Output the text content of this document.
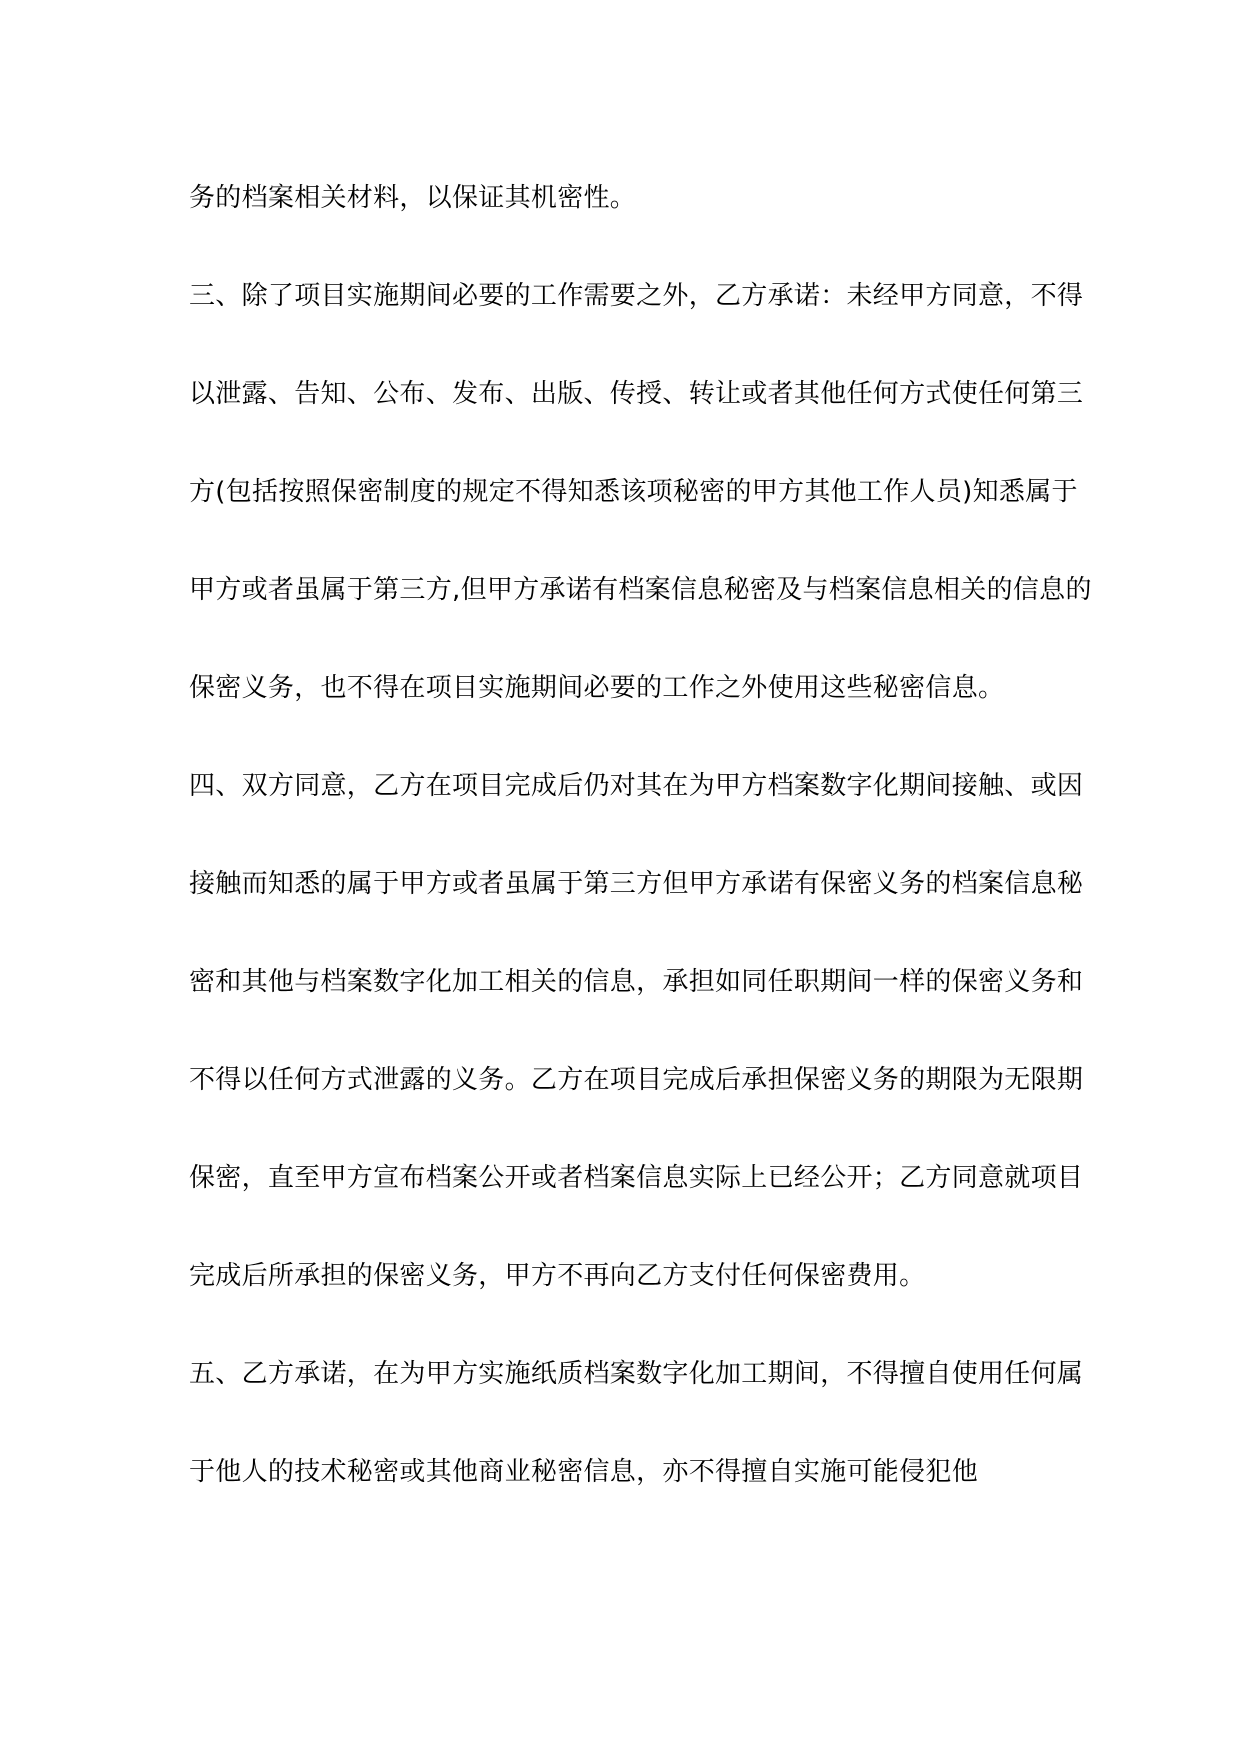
务的档案相关材料，以保证其机密性。
三、除了项目实施期间必要的工作需要之外，乙方承诺：未经甲方同意，不得
以泄露、告知、公布、发布、出版、传授、转让或者其他任何方式使任何第三
方(包括按照保密制度的规定不得知悉该项秘密的甲方其他工作人员)知悉属于
甲方或者虽属于第三方,但甲方承诺有档案信息秘密及与档案信息相关的信息的
保密义务，也不得在项目实施期间必要的工作之外使用这些秘密信息。
四、双方同意，乙方在项目完成后仍对其在为甲方档案数字化期间接触、或因
接触而知悉的属于甲方或者虽属于第三方但甲方承诺有保密义务的档案信息秘
密和其他与档案数字化加工相关的信息，承担如同任职期间一样的保密义务和
不得以任何方式泄露的义务。乙方在项目完成后承担保密义务的期限为无限期
保密，直至甲方宣布档案公开或者档案信息实际上已经公开；乙方同意就项目
完成后所承担的保密义务，甲方不再向乙方支付任何保密费用。
五、乙方承诺，在为甲方实施纸质档案数字化加工期间，不得擅自使用任何属
于他人的技术秘密或其他商业秘密信息，亦不得擅自实施可能侵犯他
